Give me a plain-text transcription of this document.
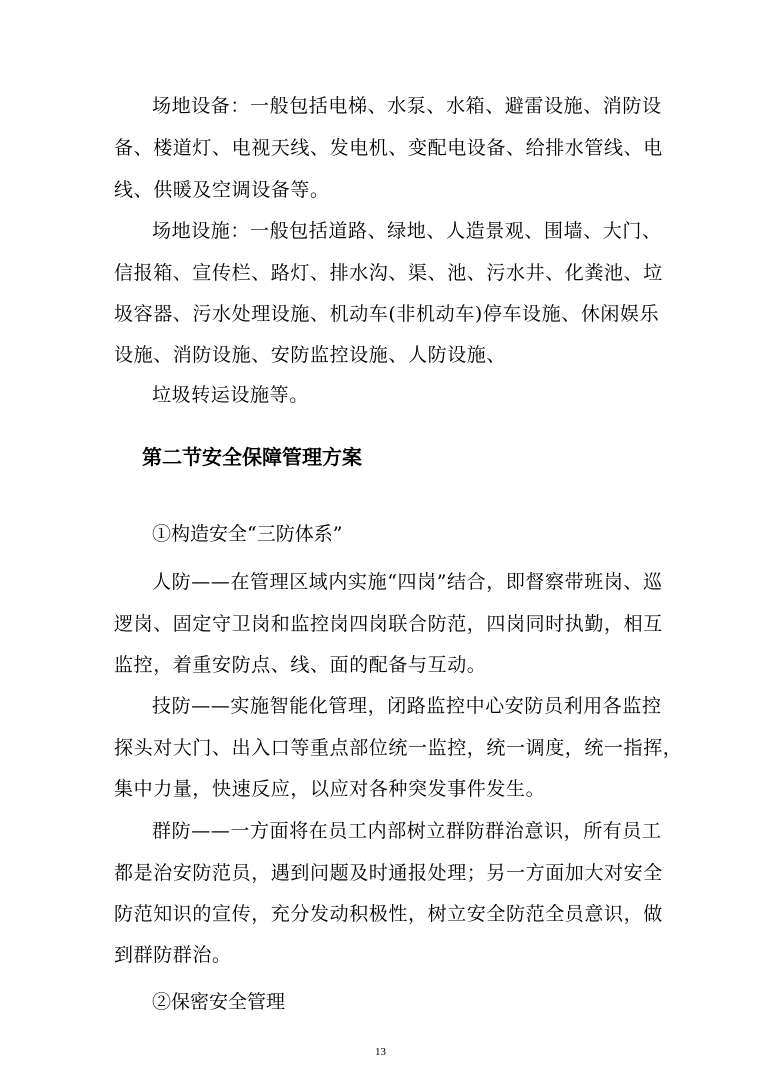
场地设备：一般包括电梯、水泵、水箱、避雷设施、消防设
备、楼道灯、电视天线、发电机、变配电设备、给排水管线、电
线、供暖及空调设备等。
场地设施：一般包括道路、绿地、人造景观、围墙、大门、
信报箱、宣传栏、路灯、排水沟、渠、池、污水井、化粪池、垃
圾容器、污水处理设施、机动车(非机动车)停车设施、休闲娱乐
设施、消防设施、安防监控设施、人防设施、
垃圾转运设施等。
第二节安全保障管理方案
①构造安全“三防体系”
人防——在管理区域内实施“四岗”结合，即督察带班岗、巡
逻岗、固定守卫岗和监控岗四岗联合防范，四岗同时执勤，相互
监控，着重安防点、线、面的配备与互动。
技防——实施智能化管理，闭路监控中心安防员利用各监控
探头对大门、出入口等重点部位统一监控，统一调度，统一指挥，
集中力量，快速反应，以应对各种突发事件发生。
群防——一方面将在员工内部树立群防群治意识，所有员工
都是治安防范员，遇到问题及时通报处理；另一方面加大对安全
防范知识的宣传，充分发动积极性，树立安全防范全员意识，做
到群防群治。
②保密安全管理
13
